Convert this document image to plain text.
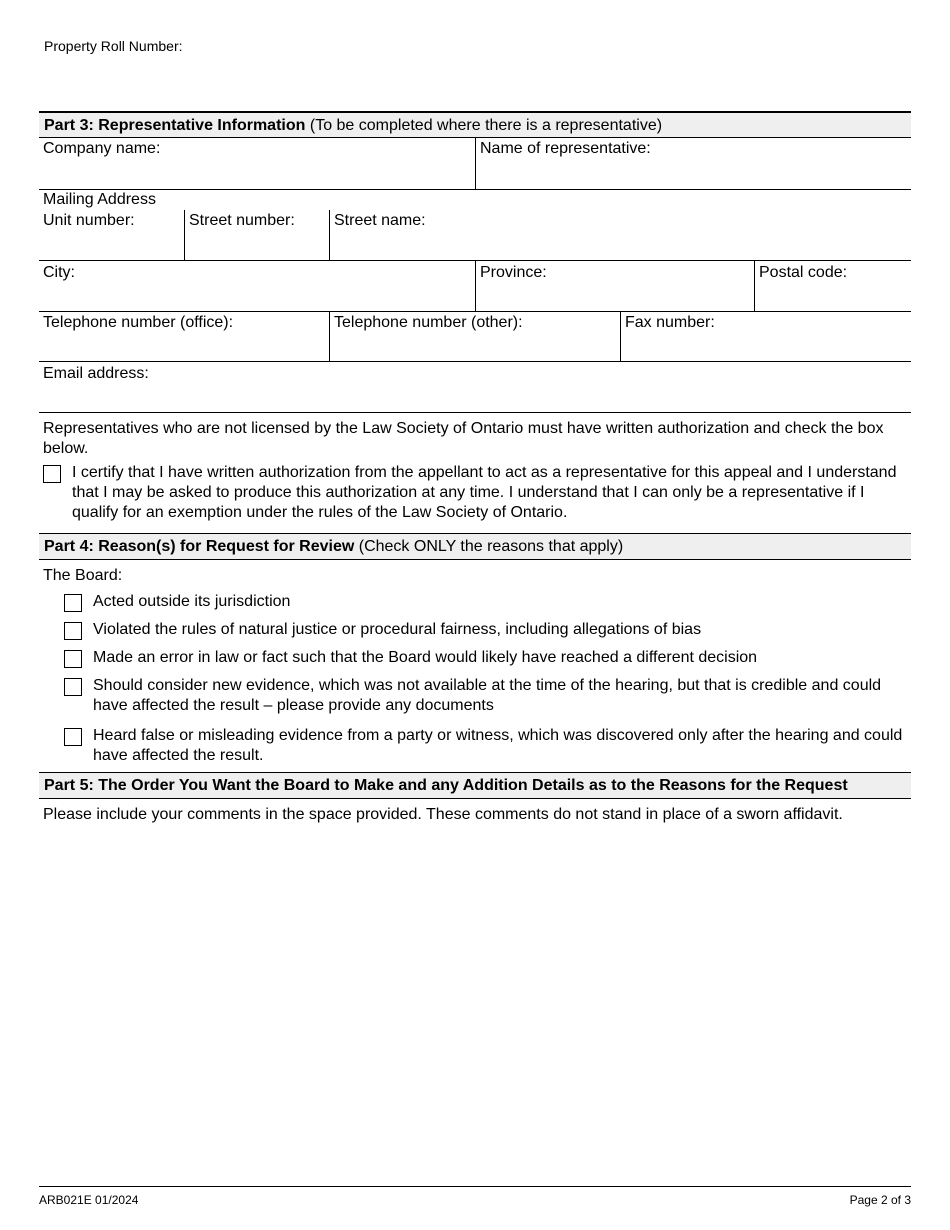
Property Roll Number:
Part 3: Representative Information (To be completed where there is a representative)
Company name:	Name of representative:
Mailing Address
Unit number:	Street number:	Street name:
City:	Province:	Postal code:
Telephone number (office):	Telephone number (other):	Fax number:
Email address:
Representatives who are not licensed by the Law Society of Ontario must have written authorization and check the box below.
I certify that I have written authorization from the appellant to act as a representative for this appeal and I understand that I may be asked to produce this authorization at any time. I understand that I can only be a representative if I qualify for an exemption under the rules of the Law Society of Ontario.
Part 4: Reason(s) for Request for Review (Check ONLY the reasons that apply)
The Board:
Acted outside its jurisdiction
Violated the rules of natural justice or procedural fairness, including allegations of bias
Made an error in law or fact such that the Board would likely have reached a different decision
Should consider new evidence, which was not available at the time of the hearing, but that is credible and could have affected the result – please provide any documents
Heard false or misleading evidence from a party or witness, which was discovered only after the hearing and could have affected the result.
Part 5: The Order You Want the Board to Make and any Addition Details as to the Reasons for the Request
Please include your comments in the space provided. These comments do not stand in place of a sworn affidavit.
ARB021E 01/2024	Page 2 of 3
